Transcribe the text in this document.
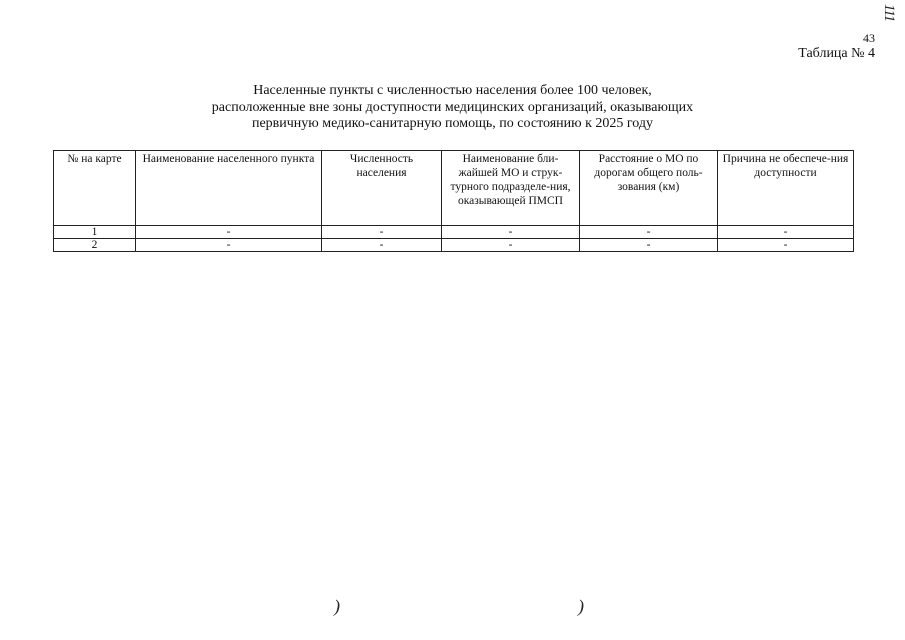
111
43
Таблица № 4
Населенные пункты с численностью населения более 100 человек,
расположенные вне зоны доступности медицинских организаций, оказывающих
первичную медико-санитарную помощь, по состоянию к 2025 году
№ на карте	Наименование населенного пункта	Численность населения	Наименование бли-жайшей МО и струк-турного подразделе-ния, оказывающей ПМСП	Расстояние о МО по дорогам общего поль-зования (км)	Причина не обеспече-ния доступности
1	-	-	-	-	-
2	-	-	-	-	-
)	)
